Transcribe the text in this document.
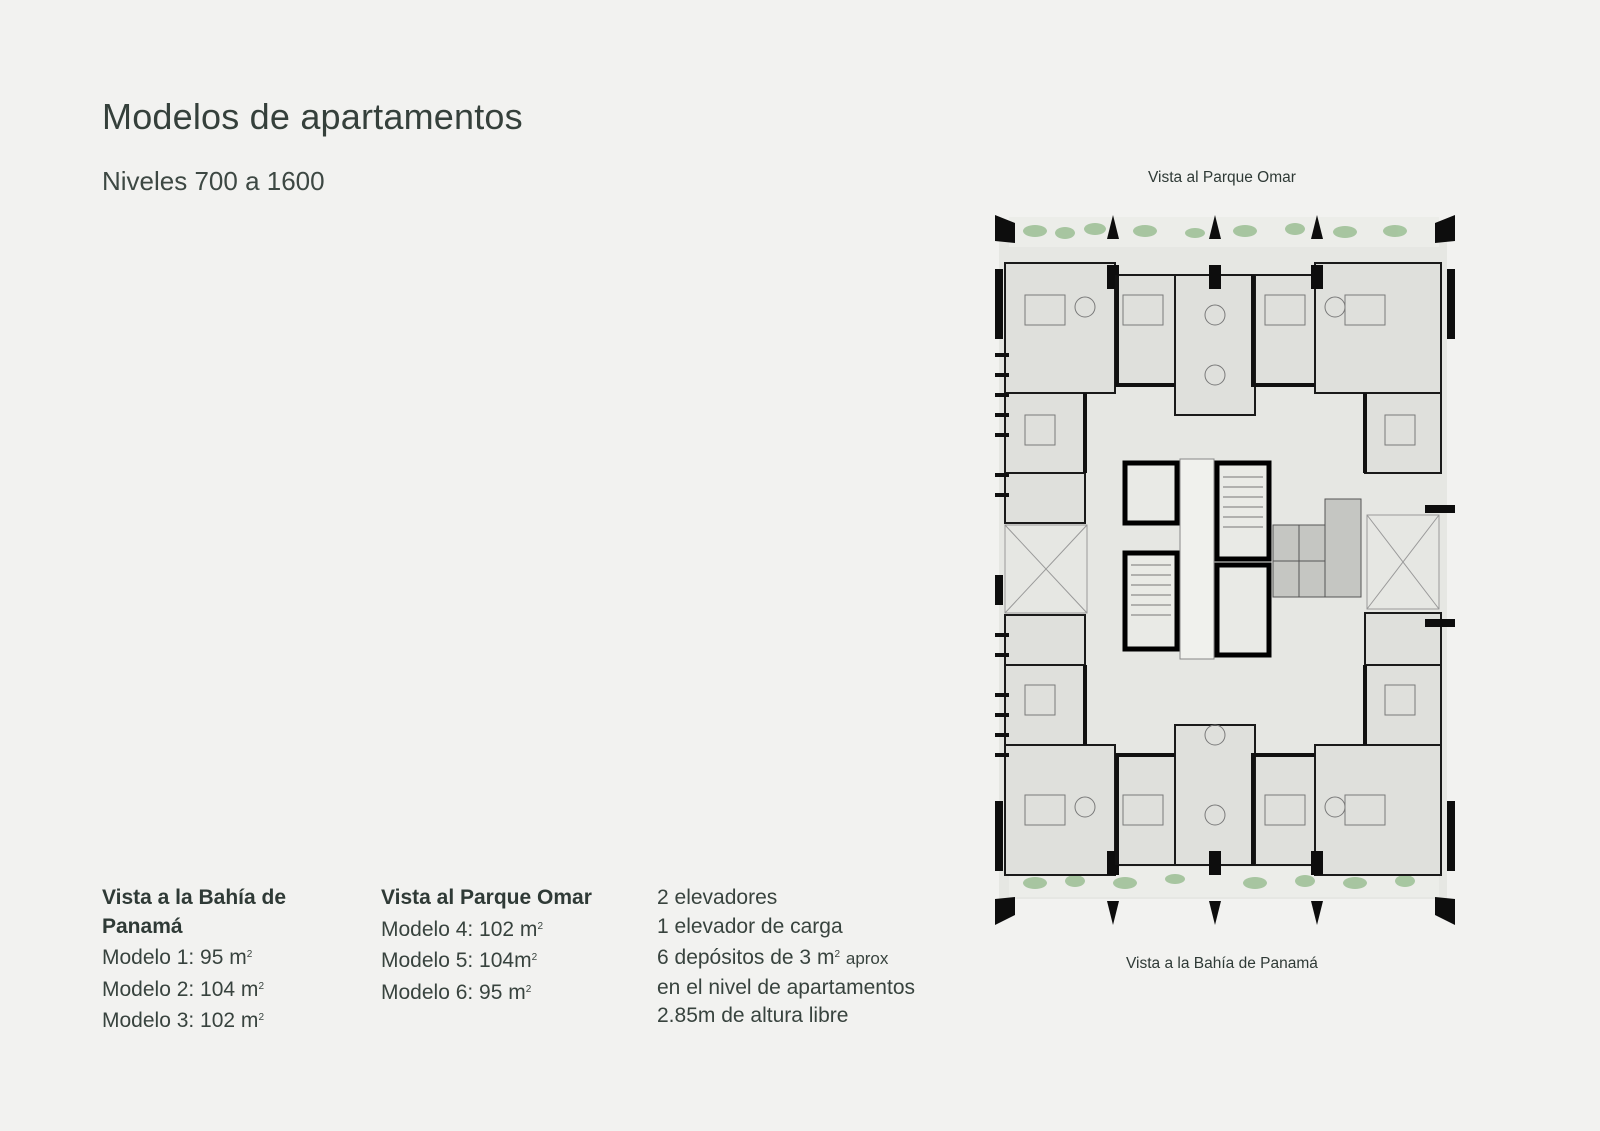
Modelos de apartamentos
Niveles 700 a 1600	Vista al Parque Omar
Vista a la Bahía de Panamá
Vista a la Bahía de Panamá
Modelo 1: 95 $m^2$
Modelo 2: 104 $m^2$
Modelo 3: 102 $m^2$
Vista al Parque Omar
Modelo 4: 102 $m^2$
Modelo 5: $104m^2$
Modelo 6: 95 $m^2$
2 elevadores
1 elevador de carga
6 depósitos de 3 $m^2$ aprox
en el nivel de apartamentos
2.85m de altura libre
